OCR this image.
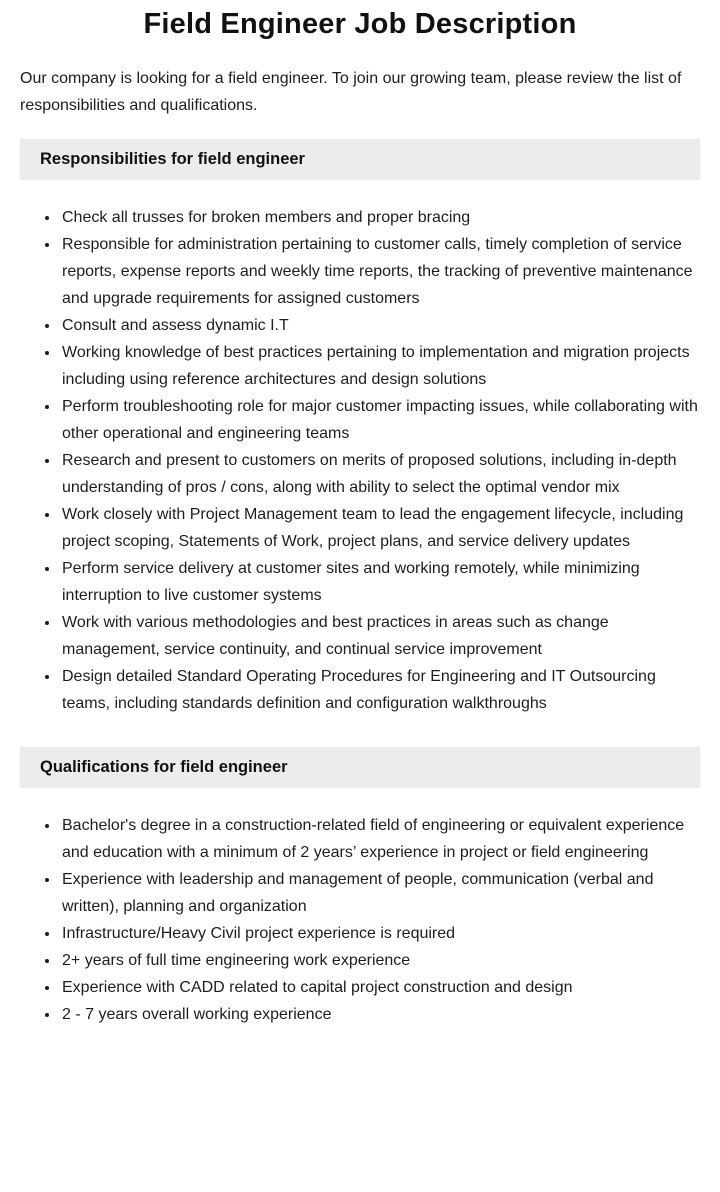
Field Engineer Job Description

Our company is looking for a field engineer. To join our growing team, please review the list of responsibilities and qualifications.

Responsibilities for field engineer
• Check all trusses for broken members and proper bracing
• Responsible for administration pertaining to customer calls, timely completion of service reports, expense reports and weekly time reports, the tracking of preventive maintenance and upgrade requirements for assigned customers
• Consult and assess dynamic I.T
• Working knowledge of best practices pertaining to implementation and migration projects including using reference architectures and design solutions
• Perform troubleshooting role for major customer impacting issues, while collaborating with other operational and engineering teams
• Research and present to customers on merits of proposed solutions, including in-depth understanding of pros / cons, along with ability to select the optimal vendor mix
• Work closely with Project Management team to lead the engagement lifecycle, including project scoping, Statements of Work, project plans, and service delivery updates
• Perform service delivery at customer sites and working remotely, while minimizing interruption to live customer systems
• Work with various methodologies and best practices in areas such as change management, service continuity, and continual service improvement
• Design detailed Standard Operating Procedures for Engineering and IT Outsourcing teams, including standards definition and configuration walkthroughs
Qualifications for field engineer
• Bachelor's degree in a construction-related field of engineering or equivalent experience and education with a minimum of 2 years’ experience in project or field engineering
• Experience with leadership and management of people, communication (verbal and written), planning and organization
• Infrastructure/Heavy Civil project experience is required
• 2+ years of full time engineering work experience
• Experience with CADD related to capital project construction and design
• 2 - 7 years overall working experience
